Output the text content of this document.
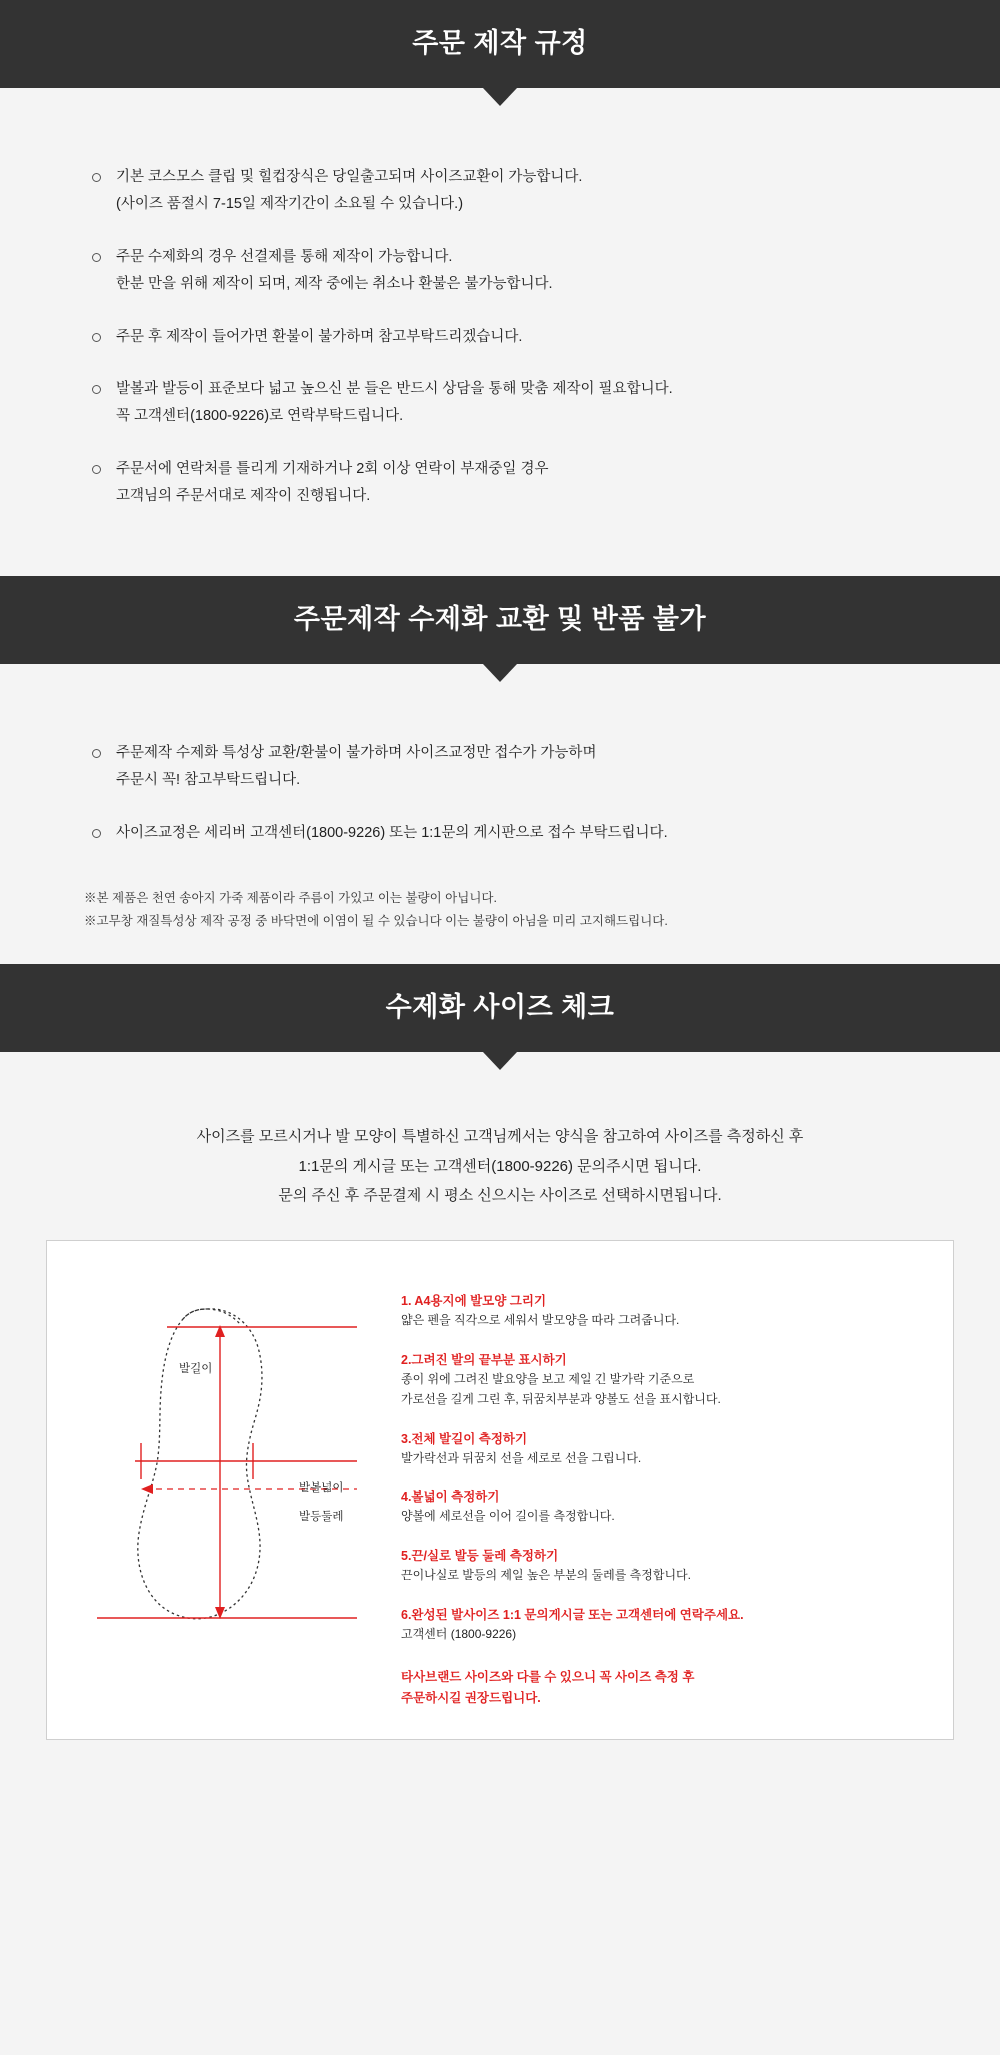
주문 제작 규정
기본 코스모스 클립 및 힐컵장식은 당일출고되며 사이즈교환이 가능합니다.
(사이즈 품절시 7-15일 제작기간이 소요될 수 있습니다.)
주문 수제화의 경우 선결제를 통해 제작이 가능합니다.
한분 만을 위해 제작이 되며, 제작 중에는 취소나 환불은 불가능합니다.
주문 후 제작이 들어가면 환불이 불가하며 참고부탁드리겠습니다.
발볼과 발등이 표준보다 넓고 높으신 분 들은 반드시 상담을 통해 맞춤 제작이 필요합니다.
꼭 고객센터(1800-9226)로 연락부탁드립니다.
주문서에 연락처를 틀리게 기재하거나 2회 이상 연락이 부재중일 경우
고객님의 주문서대로 제작이 진행됩니다.
주문제작 수제화 교환 및 반품 불가
주문제작 수제화 특성상 교환/환불이 불가하며 사이즈교정만 접수가 가능하며
주문시 꼭! 참고부탁드립니다.
사이즈교정은 세리버 고객센터(1800-9226) 또는 1:1문의 게시판으로 접수 부탁드립니다.
※본 제품은 천연 송아지 가죽 제품이라 주름이 가있고 이는 불량이 아닙니다.
※고무창 재질특성상 제작 공정 중 바닥면에 이염이 될 수 있습니다 이는 불량이 아님을 미리 고지해드립니다.
수제화 사이즈 체크
사이즈를 모르시거나 발 모양이 특별하신 고객님께서는 양식을 참고하여 사이즈를 측정하신 후
1:1문의 게시글 또는 고객센터(1800-9226) 문의주시면 됩니다.
문의 주신 후 주문결제 시 평소 신으시는 사이즈로 선택하시면됩니다.
발길이
발볼넓이
발등둘레
1. A4용지에 발모양 그리기
얇은 펜을 직각으로 세워서 발모양을 따라 그려줍니다.
2.그려진 발의 끝부분 표시하기
종이 위에 그려진 발요양을 보고 제일 긴 발가락 기준으로
가로선을 길게 그린 후, 뒤꿈치부분과 양볼도 선을 표시합니다.
3.전체 발길이 측정하기
발가락선과 뒤꿈치 선을 세로로 선을 그립니다.
4.볼넓이 측정하기
양볼에 세로선을 이어 길이를 측정합니다.
5.끈/실로 발등 둘레 측정하기
끈이나실로 발등의 제일 높은 부분의 둘레를 측정합니다.
6.완성된 발사이즈 1:1 문의게시글 또는 고객센터에 연락주세요.
고객센터 (1800-9226)
타사브랜드 사이즈와 다를 수 있으니 꼭 사이즈 측정 후
주문하시길 권장드립니다.
